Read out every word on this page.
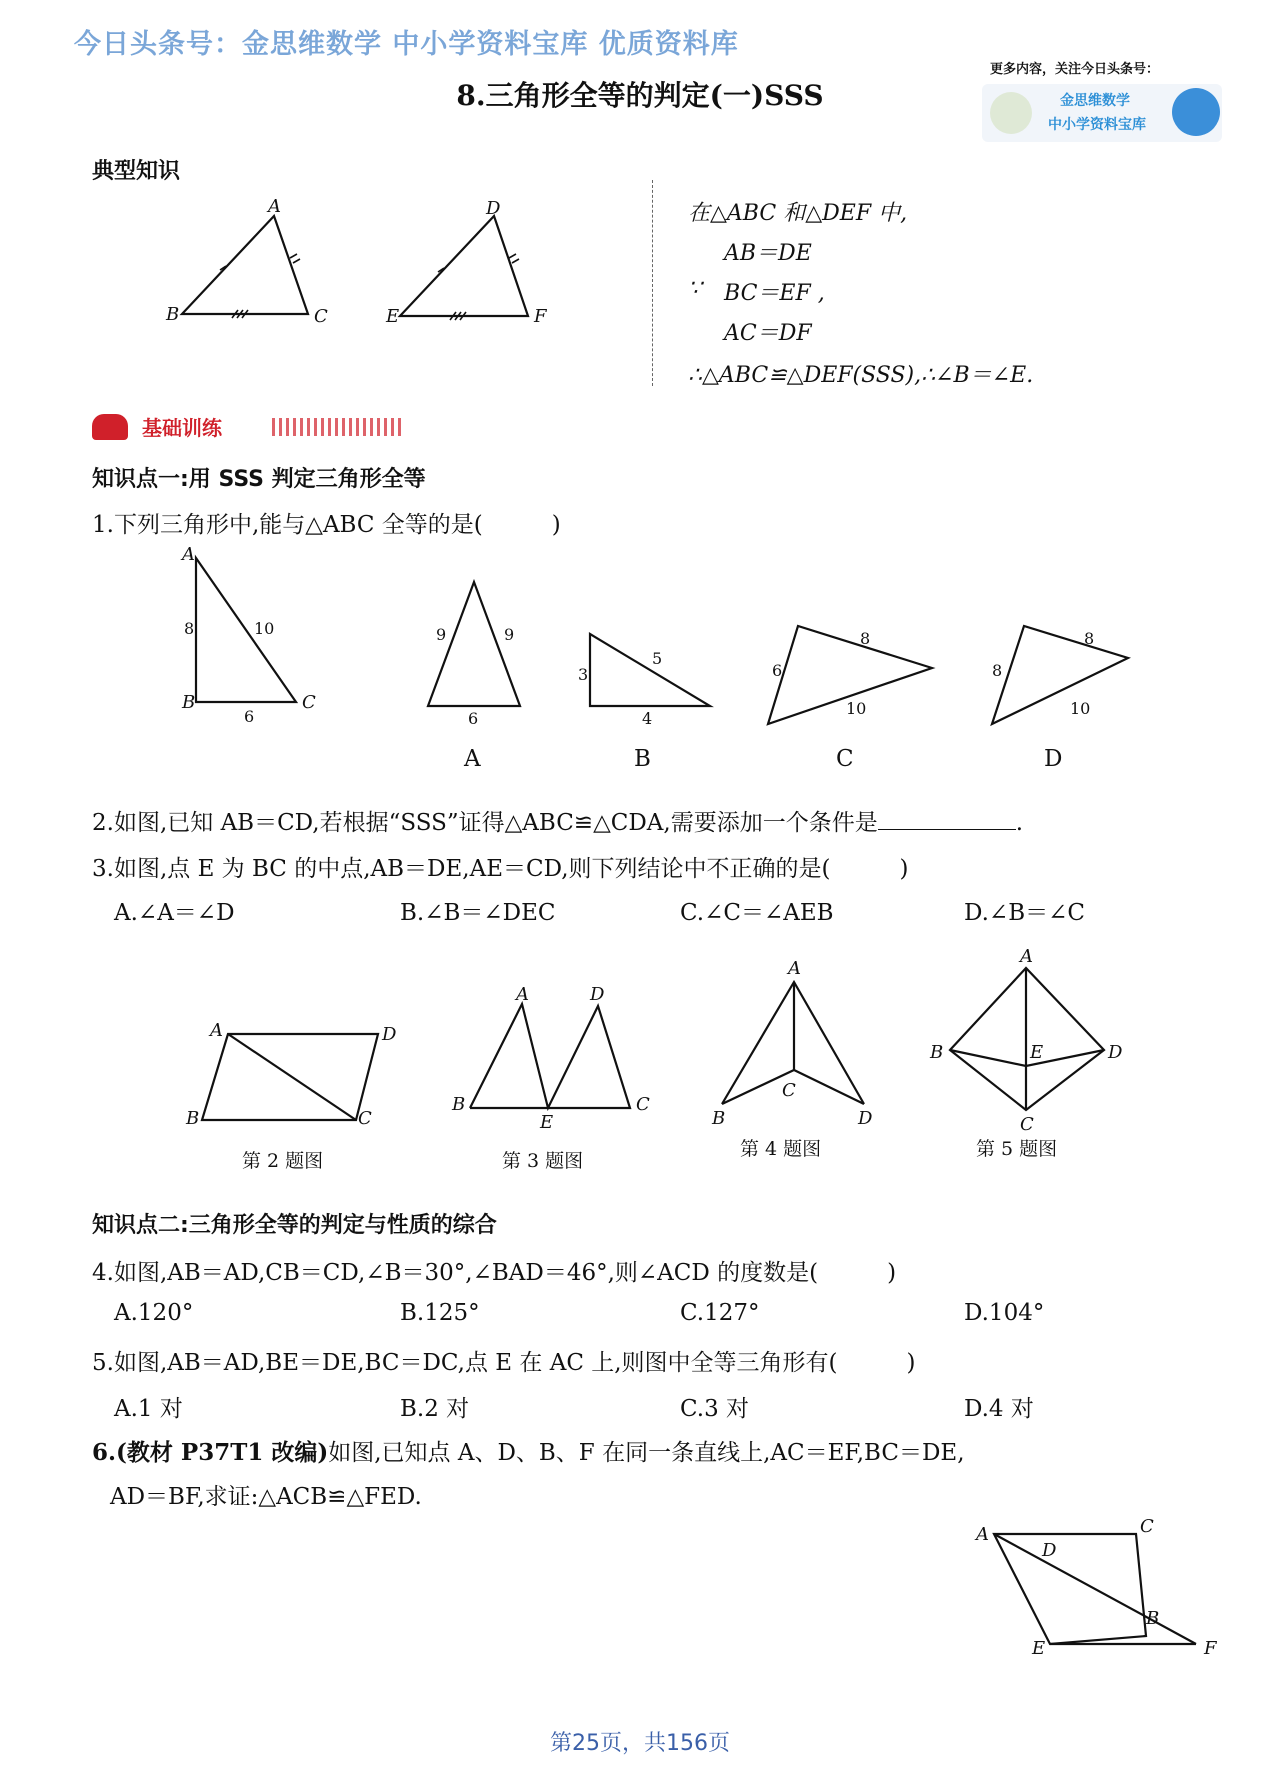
今日头条号：金思维数学 中小学资料宝库 优质资料库
8.三角形全等的判定(一)SSS
更多内容，关注今日头条号：
金思维数学
中小学资料宝库
典型知识
在△ABC 和△DEF 中,
AB＝DE
∵ BC＝EF ,
AC＝DF
∴△ABC≌△DEF(SSS),∴∠B＝∠E.
基础训练
知识点一:用 SSS 判定三角形全等
1.下列三角形中,能与△ABC 全等的是(　　　)
A	B	C	D
2.如图,已知 AB＝CD,若根据“SSS”证得△ABC≌△CDA,需要添加一个条件是	.
3.如图,点 E 为 BC 的中点,AB＝DE,AE＝CD,则下列结论中不正确的是(　　　)
A.∠A＝∠D	B.∠B＝∠DEC	C.∠C＝∠AEB	D.∠B＝∠C
第 2 题图	第 3 题图
第 4 题图	第 5 题图
知识点二:三角形全等的判定与性质的综合
4.如图,AB＝AD,CB＝CD,∠B＝30°,∠BAD＝46°,则∠ACD 的度数是(　　　)
A.120°	B.125°	C.127°	D.104°
5.如图,AB＝AD,BE＝DE,BC＝DC,点 E 在 AC 上,则图中全等三角形有(　　　)
A.1 对	B.2 对	C.3 对	D.4 对
6.(教材 P37T1 改编)如图,已知点 A、D、B、F 在同一条直线上,AC＝EF,BC＝DE,
AD＝BF,求证:△ACB≌△FED.
第25页，共156页
A
B	C
D
E	F
A
B	C
8	10
6
9	9
6
3
5
4
6
8
10
8
8
10
A	D
B	C
A	D
B
E
C
A
B
C
D
A
B	E	D
C
A
D
C
B
E	F
